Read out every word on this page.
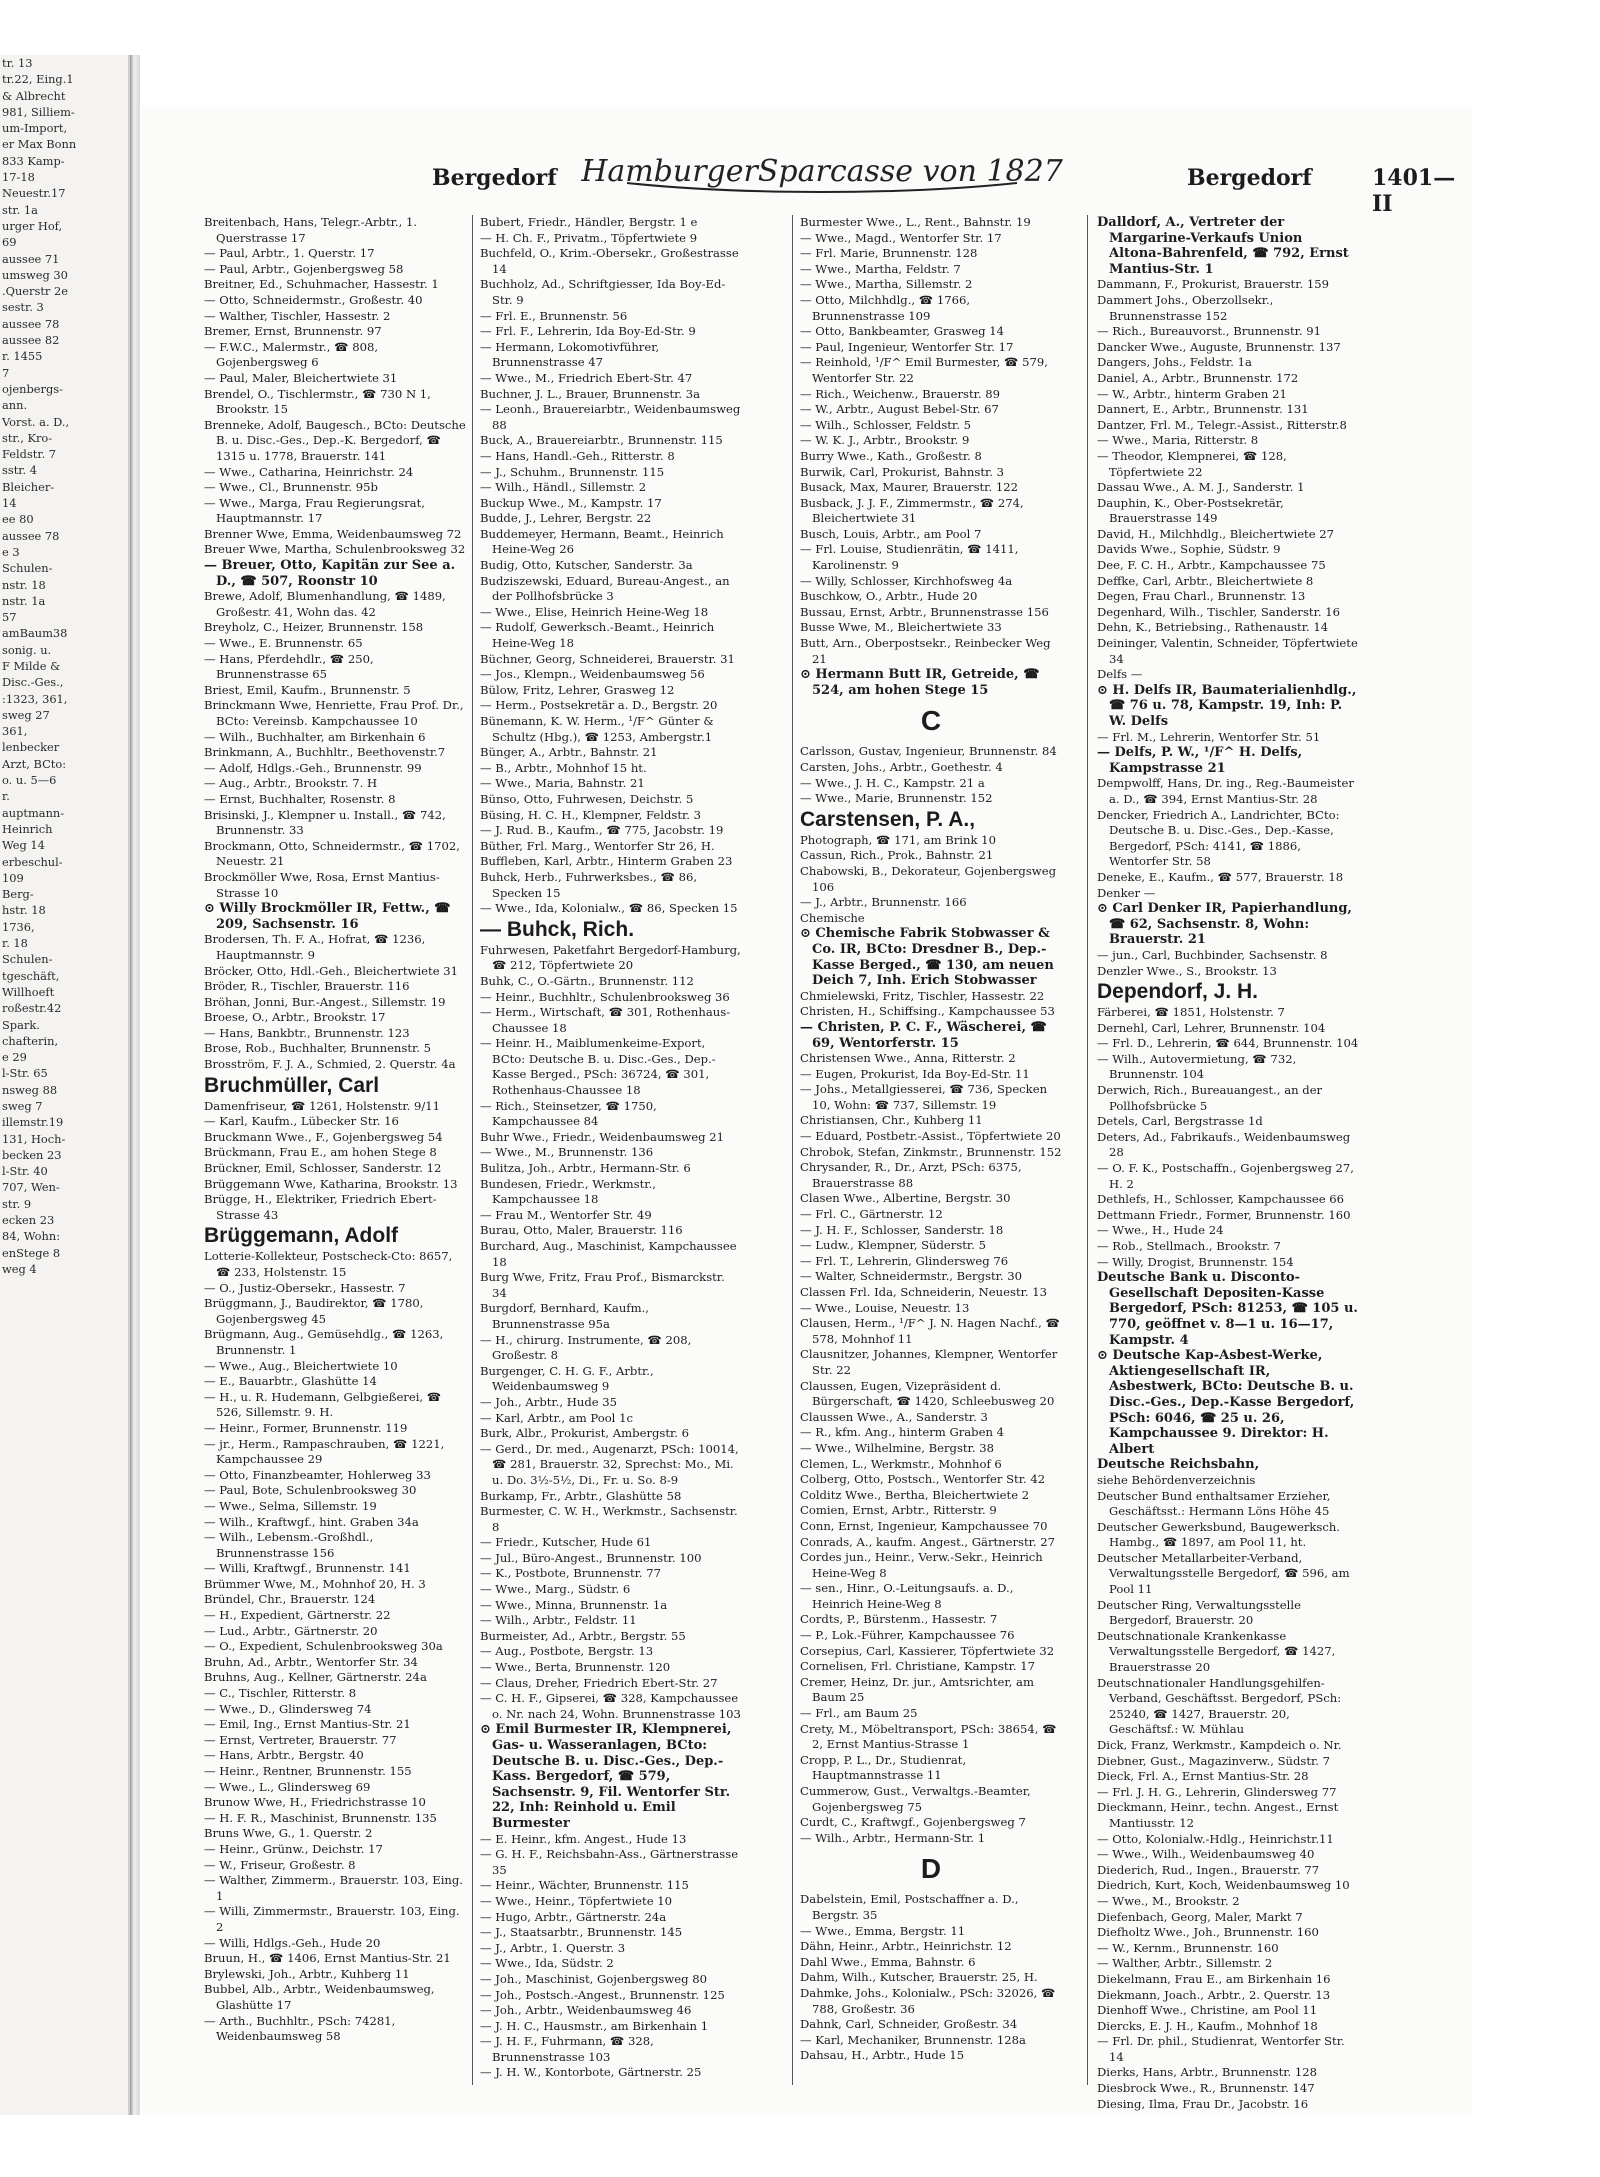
tr. 13
tr.22, Eing.1
& Albrecht
981, Silliem-
um-Import,
er Max Bonn
833 Kamp-
17-18
Neuestr.17
str. 1a
urger Hof,
69
aussee 71
umsweg 30
.Querstr 2e
sestr. 3
aussee 78
aussee 82
r. 1455
7
ojenbergs-
ann.
Vorst. a. D.,
str., Kro-
Feldstr. 7
sstr. 4
Bleicher-
14
ee 80
aussee 78
e 3
Schulen-
nstr. 18
nstr. 1a
57
amBaum38
sonig. u.
F Milde &
Disc.-Ges.,
:1323, 361,
sweg 27
361,
lenbecker
Arzt, BCto:
o. u. 5—6
r.
auptmann-
Heinrich
Weg 14
erbeschul-
109
Berg-
hstr. 18
1736,
r. 18
Schulen-
tgeschäft,
Willhoeft
roßestr.42
Spark.
chafterin,
e 29
l-Str. 65
nsweg 88
sweg 7
illemstr.19
131, Hoch-
becken 23
l-Str. 40
707, Wen-
str. 9
ecken 23
84, Wohn:
enStege 8
weg 4
Bergedorf HamburgerSparcasse von 1827	Bergedorf	1401—II

Breitenbach, Hans, Telegr.-Arbtr., 1. Querstrasse 17

— Paul, Arbtr., 1. Querstr. 17

— Paul, Arbtr., Gojenbergsweg 58

Breitner, Ed., Schuhmacher, Hassestr. 1

— Otto, Schneidermstr., Großestr. 40

— Walther, Tischler, Hassestr. 2

Bremer, Ernst, Brunnenstr. 97

— F.W.C., Malermstr., ☎ 808, Gojenbergsweg 6

— Paul, Maler, Bleichertwiete 31

Brendel, O., Tischlermstr., ☎ 730 N 1, Brookstr. 15

Brenneke, Adolf, Baugesch., BCto: Deutsche B. u. Disc.-Ges., Dep.-K. Bergedorf, ☎ 1315 u. 1778, Brauerstr. 141

— Wwe., Catharina, Heinrichstr. 24

— Wwe., Cl., Brunnenstr. 95b

— Wwe., Marga, Frau Regierungsrat, Hauptmannstr. 17

Brenner Wwe, Emma, Weidenbaumsweg 72

Breuer Wwe, Martha, Schulenbrooksweg 32

— Breuer, Otto, Kapitän zur See a. D., ☎ 507, Roonstr 10

Brewe, Adolf, Blumenhandlung, ☎ 1489, Großestr. 41, Wohn das. 42

Breyholz, C., Heizer, Brunnenstr. 158

— Wwe., E. Brunnenstr. 65

— Hans, Pferdehdlr., ☎ 250, Brunnenstrasse 65

Briest, Emil, Kaufm., Brunnenstr. 5

Brinckmann Wwe, Henriette, Frau Prof. Dr., BCto: Vereinsb. Kampchaussee 10

— Wilh., Buchhalter, am Birkenhain 6

Brinkmann, A., Buchhltr., Beethovenstr.7

— Adolf, Hdlgs.-Geh., Brunnenstr. 99

— Aug., Arbtr., Brookstr. 7. H

— Ernst, Buchhalter, Rosenstr. 8

Brisinski, J., Klempner u. Install., ☎ 742, Brunnenstr. 33

Brockmann, Otto, Schneidermstr., ☎ 1702, Neuestr. 21

Brockmöller Wwe, Rosa, Ernst Mantius-Strasse 10

⊙ Willy Brockmöller IR, Fettw., ☎ 209, Sachsenstr. 16

Brodersen, Th. F. A., Hofrat, ☎ 1236, Hauptmannstr. 9

Bröcker, Otto, Hdl.-Geh., Bleichertwiete 31

Bröder, R., Tischler, Brauerstr. 116

Bröhan, Jonni, Bur.-Angest., Sillemstr. 19

Broese, O., Arbtr., Brookstr. 17

— Hans, Bankbtr., Brunnenstr. 123

Brose, Rob., Buchhalter, Brunnenstr. 5

Brosström, F. J. A., Schmied, 2. Querstr. 4a

Bruchmüller, Carl

Damenfriseur, ☎ 1261, Holstenstr. 9/11

— Karl, Kaufm., Lübecker Str. 16

Bruckmann Wwe., F., Gojenbergsweg 54

Brückmann, Frau E., am hohen Stege 8

Brückner, Emil, Schlosser, Sanderstr. 12

Brüggemann Wwe, Katharina, Brookstr. 13

Brügge, H., Elektriker, Friedrich Ebert-Strasse 43

Brüggemann, Adolf

Lotterie-Kollekteur, Postscheck-Cto: 8657, ☎ 233, Holstenstr. 15

— O., Justiz-Obersekr., Hassestr. 7

Brüggmann, J., Baudirektor, ☎ 1780, Gojenbergsweg 45

Brügmann, Aug., Gemüsehdlg., ☎ 1263, Brunnenstr. 1

— Wwe., Aug., Bleichertwiete 10

— E., Bauarbtr., Glashütte 14

— H., u. R. Hudemann, Gelbgießerei, ☎ 526, Sillemstr. 9. H.

— Heinr., Former, Brunnenstr. 119

— jr., Herm., Rampaschrauben, ☎ 1221, Kampchaussee 29

— Otto, Finanzbeamter, Hohlerweg 33

— Paul, Bote, Schulenbrooksweg 30

— Wwe., Selma, Sillemstr. 19

— Wilh., Kraftwgf., hint. Graben 34a

— Wilh., Lebensm.-Großhdl., Brunnenstrasse 156

— Willi, Kraftwgf., Brunnenstr. 141

Brümmer Wwe, M., Mohnhof 20, H. 3

Bründel, Chr., Brauerstr. 124

— H., Expedient, Gärtnerstr. 22

— Lud., Arbtr., Gärtnerstr. 20

— O., Expedient, Schulenbrooksweg 30a

Bruhn, Ad., Arbtr., Wentorfer Str. 34

Bruhns, Aug., Kellner, Gärtnerstr. 24a

— C., Tischler, Ritterstr. 8

— Wwe., D., Glindersweg 74

— Emil, Ing., Ernst Mantius-Str. 21

— Ernst, Vertreter, Brauerstr. 77

— Hans, Arbtr., Bergstr. 40

— Heinr., Rentner, Brunnenstr. 155

— Wwe., L., Glindersweg 69

Brunow Wwe, H., Friedrichstrasse 10

— H. F. R., Maschinist, Brunnenstr. 135

Bruns Wwe, G., 1. Querstr. 2

— Heinr., Grünw., Deichstr. 17

— W., Friseur, Großestr. 8

— Walther, Zimmerm., Brauerstr. 103, Eing. 1

— Willi, Zimmermstr., Brauerstr. 103, Eing. 2

— Willi, Hdlgs.-Geh., Hude 20

Bruun, H., ☎ 1406, Ernst Mantius-Str. 21

Brylewski, Joh., Arbtr., Kuhberg 11

Bubbel, Alb., Arbtr., Weidenbaumsweg, Glashütte 17

— Arth., Buchhltr., PSch: 74281, Weidenbaumsweg 58

Bubert, Friedr., Händler, Bergstr. 1 e

— H. Ch. F., Privatm., Töpfertwiete 9

Buchfeld, O., Krim.-Obersekr., Großestrasse 14

Buchholz, Ad., Schriftgiesser, Ida Boy-Ed-Str. 9

— Frl. E., Brunnenstr. 56

— Frl. F., Lehrerin, Ida Boy-Ed-Str. 9

— Hermann, Lokomotivführer, Brunnenstrasse 47

— Wwe., M., Friedrich Ebert-Str. 47

Buchner, J. L., Brauer, Brunnenstr. 3a

— Leonh., Brauereiarbtr., Weidenbaumsweg 88

Buck, A., Brauereiarbtr., Brunnenstr. 115

— Hans, Handl.-Geh., Ritterstr. 8

— J., Schuhm., Brunnenstr. 115

— Wilh., Händl., Sillemstr. 2

Buckup Wwe., M., Kampstr. 17

Budde, J., Lehrer, Bergstr. 22

Buddemeyer, Hermann, Beamt., Heinrich Heine-Weg 26

Budig, Otto, Kutscher, Sanderstr. 3a

Budziszewski, Eduard, Bureau-Angest., an der Pollhofsbrücke 3

— Wwe., Elise, Heinrich Heine-Weg 18

— Rudolf, Gewerksch.-Beamt., Heinrich Heine-Weg 18

Büchner, Georg, Schneiderei, Brauerstr. 31

— Jos., Klempn., Weidenbaumsweg 56

Bülow, Fritz, Lehrer, Grasweg 12

— Herm., Postsekretär a. D., Bergstr. 20

Bünemann, K. W. Herm., ¹/F^ Günter & Schultz (Hbg.), ☎ 1253, Ambergstr.1

Bünger, A., Arbtr., Bahnstr. 21

— B., Arbtr., Mohnhof 15 ht.

— Wwe., Maria, Bahnstr. 21

Bünso, Otto, Fuhrwesen, Deichstr. 5

Büsing, H. C. H., Klempner, Feldstr. 3

— J. Rud. B., Kaufm., ☎ 775, Jacobstr. 19

Büther, Frl. Marg., Wentorfer Str 26, H.

Buffleben, Karl, Arbtr., Hinterm Graben 23

Buhck, Herb., Fuhrwerksbes., ☎ 86, Specken 15

— Wwe., Ida, Kolonialw., ☎ 86, Specken 15

— Buhck, Rich.

Fuhrwesen, Paketfahrt Bergedorf-Hamburg, ☎ 212, Töpfertwiete 20

Buhk, C., O.-Gärtn., Brunnenstr. 112

— Heinr., Buchhltr., Schulenbrooksweg 36

— Herm., Wirtschaft, ☎ 301, Rothenhaus-Chaussee 18

— Heinr. H., Maiblumenkeime-Export, BCto: Deutsche B. u. Disc.-Ges., Dep.-Kasse Berged., PSch: 36724, ☎ 301, Rothenhaus-Chaussee 18

— Rich., Steinsetzer, ☎ 1750, Kampchaussee 84

Buhr Wwe., Friedr., Weidenbaumsweg 21

— Wwe., M., Brunnenstr. 136

Bulitza, Joh., Arbtr., Hermann-Str. 6

Bundesen, Friedr., Werkmstr., Kampchaussee 18

— Frau M., Wentorfer Str. 49

Burau, Otto, Maler, Brauerstr. 116

Burchard, Aug., Maschinist, Kampchaussee 18

Burg Wwe, Fritz, Frau Prof., Bismarckstr. 34

Burgdorf, Bernhard, Kaufm., Brunnenstrasse 95a

— H., chirurg. Instrumente, ☎ 208, Großestr. 8

Burgenger, C. H. G. F., Arbtr., Weidenbaumsweg 9

— Joh., Arbtr., Hude 35

— Karl, Arbtr., am Pool 1c

Burk, Albr., Prokurist, Ambergstr. 6

— Gerd., Dr. med., Augenarzt, PSch: 10014, ☎ 281, Brauerstr. 32, Sprechst: Mo., Mi. u. Do. 3½-5½, Di., Fr. u. So. 8-9

Burkamp, Fr., Arbtr., Glashütte 58

Burmester, C. W. H., Werkmstr., Sachsenstr. 8

— Friedr., Kutscher, Hude 61

— Jul., Büro-Angest., Brunnenstr. 100

— K., Postbote, Brunnenstr. 77

— Wwe., Marg., Südstr. 6

— Wwe., Minna, Brunnenstr. 1a

— Wilh., Arbtr., Feldstr. 11

Burmeister, Ad., Arbtr., Bergstr. 55

— Aug., Postbote, Bergstr. 13

— Wwe., Berta, Brunnenstr. 120

— Claus, Dreher, Friedrich Ebert-Str. 27

— C. H. F., Gipserei, ☎ 328, Kampchaussee o. Nr. nach 24, Wohn. Brunnenstrasse 103

⊙ Emil Burmester IR, Klempnerei, Gas- u. Wasseranlagen, BCto: Deutsche B. u. Disc.-Ges., Dep.-Kass. Bergedorf, ☎ 579, Sachsenstr. 9, Fil. Wentorfer Str. 22, Inh: Reinhold u. Emil Burmester

— E. Heinr., kfm. Angest., Hude 13

— G. H. F., Reichsbahn-Ass., Gärtnerstrasse 35

— Heinr., Wächter, Brunnenstr. 115

— Wwe., Heinr., Töpfertwiete 10

— Hugo, Arbtr., Gärtnerstr. 24a

— J., Staatsarbtr., Brunnenstr. 145

— J., Arbtr., 1. Querstr. 3

— Wwe., Ida, Südstr. 2

— Joh., Maschinist, Gojenbergsweg 80

— Joh., Postsch.-Angest., Brunnenstr. 125

— Joh., Arbtr., Weidenbaumsweg 46

— J. H. C., Hausmstr., am Birkenhain 1

— J. H. F., Fuhrmann, ☎ 328, Brunnenstrasse 103

— J. H. W., Kontorbote, Gärtnerstr. 25

Burmester Wwe., L., Rent., Bahnstr. 19

— Wwe., Magd., Wentorfer Str. 17

— Frl. Marie, Brunnenstr. 128

— Wwe., Martha, Feldstr. 7

— Wwe., Martha, Sillemstr. 2

— Otto, Milchhdlg., ☎ 1766, Brunnenstrasse 109

— Otto, Bankbeamter, Grasweg 14

— Paul, Ingenieur, Wentorfer Str. 17

— Reinhold, ¹/F^ Emil Burmester, ☎ 579, Wentorfer Str. 22

— Rich., Weichenw., Brauerstr. 89

— W., Arbtr., August Bebel-Str. 67

— Wilh., Schlosser, Feldstr. 5

— W. K. J., Arbtr., Brookstr. 9

Burry Wwe., Kath., Großestr. 8

Burwik, Carl, Prokurist, Bahnstr. 3

Busack, Max, Maurer, Brauerstr. 122

Busback, J. J. F., Zimmermstr., ☎ 274, Bleichertwiete 31

Busch, Louis, Arbtr., am Pool 7

— Frl. Louise, Studienrätin, ☎ 1411, Karolinenstr. 9

— Willy, Schlosser, Kirchhofsweg 4a

Buschkow, O., Arbtr., Hude 20

Bussau, Ernst, Arbtr., Brunnenstrasse 156

Busse Wwe, M., Bleichertwiete 33

Butt, Arn., Oberpostsekr., Reinbecker Weg 21

⊙ Hermann Butt IR, Getreide, ☎ 524, am hohen Stege 15

C

Carlsson, Gustav, Ingenieur, Brunnenstr. 84

Carsten, Johs., Arbtr., Goethestr. 4

— Wwe., J. H. C., Kampstr. 21 a

— Wwe., Marie, Brunnenstr. 152

Carstensen, P. A.,

Photograph, ☎ 171, am Brink 10

Cassun, Rich., Prok., Bahnstr. 21

Chabowski, B., Dekorateur, Gojenbergsweg 106

— J., Arbtr., Brunnenstr. 166

Chemische

⊙ Chemische Fabrik Stobwasser & Co. IR, BCto: Dresdner B., Dep.-Kasse Berged., ☎ 130, am neuen Deich 7, Inh. Erich Stobwasser

Chmielewski, Fritz, Tischler, Hassestr. 22

Christen, H., Schiffsing., Kampchaussee 53

— Christen, P. C. F., Wäscherei, ☎ 69, Wentorferstr. 15

Christensen Wwe., Anna, Ritterstr. 2

— Eugen, Prokurist, Ida Boy-Ed-Str. 11

— Johs., Metallgiesserei, ☎ 736, Specken 10, Wohn: ☎ 737, Sillemstr. 19

Christiansen, Chr., Kuhberg 11

— Eduard, Postbetr.-Assist., Töpfertwiete 20

Chrobok, Stefan, Zinkmstr., Brunnenstr. 152

Chrysander, R., Dr., Arzt, PSch: 6375, Brauerstrasse 88

Clasen Wwe., Albertine, Bergstr. 30

— Frl. C., Gärtnerstr. 12

— J. H. F., Schlosser, Sanderstr. 18

— Ludw., Klempner, Süderstr. 5

— Frl. T., Lehrerin, Glindersweg 76

— Walter, Schneidermstr., Bergstr. 30

Classen Frl. Ida, Schneiderin, Neuestr. 13

— Wwe., Louise, Neuestr. 13

Clausen, Herm., ¹/F^ J. N. Hagen Nachf., ☎ 578, Mohnhof 11

Clausnitzer, Johannes, Klempner, Wentorfer Str. 22

Claussen, Eugen, Vizepräsident d. Bürgerschaft, ☎ 1420, Schleebusweg 20

Claussen Wwe., A., Sanderstr. 3

— R., kfm. Ang., hinterm Graben 4

— Wwe., Wilhelmine, Bergstr. 38

Clemen, L., Werkmstr., Mohnhof 6

Colberg, Otto, Postsch., Wentorfer Str. 42

Colditz Wwe., Bertha, Bleichertwiete 2

Comien, Ernst, Arbtr., Ritterstr. 9

Conn, Ernst, Ingenieur, Kampchaussee 70

Conrads, A., kaufm. Angest., Gärtnerstr. 27

Cordes jun., Heinr., Verw.-Sekr., Heinrich Heine-Weg 8

— sen., Hinr., O.-Leitungsaufs. a. D., Heinrich Heine-Weg 8

Cordts, P., Bürstenm., Hassestr. 7

— P., Lok.-Führer, Kampchaussee 76

Corsepius, Carl, Kassierer, Töpfertwiete 32

Cornelisen, Frl. Christiane, Kampstr. 17

Cremer, Heinz, Dr. jur., Amtsrichter, am Baum 25

— Frl., am Baum 25

Crety, M., Möbeltransport, PSch: 38654, ☎ 2, Ernst Mantius-Strasse 1

Cropp, P. L., Dr., Studienrat, Hauptmannstrasse 11

Cummerow, Gust., Verwaltgs.-Beamter, Gojenbergsweg 75

Curdt, C., Kraftwgf., Gojenbergsweg 7

— Wilh., Arbtr., Hermann-Str. 1

D

Dabelstein, Emil, Postschaffner a. D., Bergstr. 35

— Wwe., Emma, Bergstr. 11

Dähn, Heinr., Arbtr., Heinrichstr. 12

Dahl Wwe., Emma, Bahnstr. 6

Dahm, Wilh., Kutscher, Brauerstr. 25, H.

Dahmke, Johs., Kolonialw., PSch: 32026, ☎ 788, Großestr. 36

Dahnk, Carl, Schneider, Großestr. 34

— Karl, Mechaniker, Brunnenstr. 128a

Dahsau, H., Arbtr., Hude 15

Dalldorf, A., Vertreter der Margarine-Verkaufs Union Altona-Bahrenfeld, ☎ 792, Ernst Mantius-Str. 1

Dammann, F., Prokurist, Brauerstr. 159

Dammert Johs., Oberzollsekr., Brunnenstrasse 152

— Rich., Bureauvorst., Brunnenstr. 91

Dancker Wwe., Auguste, Brunnenstr. 137

Dangers, Johs., Feldstr. 1a

Daniel, A., Arbtr., Brunnenstr. 172

— W., Arbtr., hinterm Graben 21

Dannert, E., Arbtr., Brunnenstr. 131

Dantzer, Frl. M., Telegr.-Assist., Ritterstr.8

— Wwe., Maria, Ritterstr. 8

— Theodor, Klempnerei, ☎ 128, Töpfertwiete 22

Dassau Wwe., A. M. J., Sanderstr. 1

Dauphin, K., Ober-Postsekretär, Brauerstrasse 149

David, H., Milchhdlg., Bleichertwiete 27

Davids Wwe., Sophie, Südstr. 9

Dee, F. C. H., Arbtr., Kampchaussee 75

Deffke, Carl, Arbtr., Bleichertwiete 8

Degen, Frau Charl., Brunnenstr. 13

Degenhard, Wilh., Tischler, Sanderstr. 16

Dehn, K., Betriebsing., Rathenaustr. 14

Deininger, Valentin, Schneider, Töpfertwiete 34

Delfs —

⊙ H. Delfs IR, Baumaterialienhdlg., ☎ 76 u. 78, Kampstr. 19, Inh: P. W. Delfs

— Frl. M., Lehrerin, Wentorfer Str. 51

— Delfs, P. W., ¹/F^ H. Delfs, Kampstrasse 21

Dempwolff, Hans, Dr. ing., Reg.-Baumeister a. D., ☎ 394, Ernst Mantius-Str. 28

Dencker, Friedrich A., Landrichter, BCto: Deutsche B. u. Disc.-Ges., Dep.-Kasse, Bergedorf, PSch: 4141, ☎ 1886, Wentorfer Str. 58

Deneke, E., Kaufm., ☎ 577, Brauerstr. 18

Denker —

⊙ Carl Denker IR, Papierhandlung, ☎ 62, Sachsenstr. 8, Wohn: Brauerstr. 21

— jun., Carl, Buchbinder, Sachsenstr. 8

Denzler Wwe., S., Brookstr. 13

Dependorf, J. H.

Färberei, ☎ 1851, Holstenstr. 7

Dernehl, Carl, Lehrer, Brunnenstr. 104

— Frl. D., Lehrerin, ☎ 644, Brunnenstr. 104

— Wilh., Autovermietung, ☎ 732, Brunnenstr. 104

Derwich, Rich., Bureauangest., an der Pollhofsbrücke 5

Detels, Carl, Bergstrasse 1d

Deters, Ad., Fabrikaufs., Weidenbaumsweg 28

— O. F. K., Postschaffn., Gojenbergsweg 27, H. 2

Dethlefs, H., Schlosser, Kampchaussee 66

Dettmann Friedr., Former, Brunnenstr. 160

— Wwe., H., Hude 24

— Rob., Stellmach., Brookstr. 7

— Willy, Drogist, Brunnenstr. 154

Deutsche Bank u. Disconto-Gesellschaft Depositen-Kasse Bergedorf, PSch: 81253, ☎ 105 u. 770, geöffnet v. 8—1 u. 16—17, Kampstr. 4

⊙ Deutsche Kap-Asbest-Werke, Aktiengesellschaft IR, Asbestwerk, BCto: Deutsche B. u. Disc.-Ges., Dep.-Kasse Bergedorf, PSch: 6046, ☎ 25 u. 26, Kampchaussee 9. Direktor: H. Albert

Deutsche Reichsbahn,

siehe Behördenverzeichnis

Deutscher Bund enthaltsamer Erzieher, Geschäftsst.: Hermann Löns Höhe 45

Deutscher Gewerksbund, Baugewerksch. Hambg., ☎ 1897, am Pool 11, ht.

Deutscher Metallarbeiter-Verband, Verwaltungsstelle Bergedorf, ☎ 596, am Pool 11

Deutscher Ring, Verwaltungsstelle Bergedorf, Brauerstr. 20

Deutschnationale Krankenkasse Verwaltungsstelle Bergedorf, ☎ 1427, Brauerstrasse 20

Deutschnationaler Handlungsgehilfen-Verband, Geschäftsst. Bergedorf, PSch: 25240, ☎ 1427, Brauerstr. 20, Geschäftsf.: W. Mühlau

Dick, Franz, Werkmstr., Kampdeich o. Nr.

Diebner, Gust., Magazinverw., Südstr. 7

Dieck, Frl. A., Ernst Mantius-Str. 28

— Frl. J. H. G., Lehrerin, Glindersweg 77

Dieckmann, Heinr., techn. Angest., Ernst Mantiusstr. 12

— Otto, Kolonialw.-Hdlg., Heinrichstr.11

— Wwe., Wilh., Weidenbaumsweg 40

Diederich, Rud., Ingen., Brauerstr. 77

Diedrich, Kurt, Koch, Weidenbaumsweg 10

— Wwe., M., Brookstr. 2

Diefenbach, Georg, Maler, Markt 7

Diefholtz Wwe., Joh., Brunnenstr. 160

— W., Kernm., Brunnenstr. 160

— Walther, Arbtr., Sillemstr. 2

Diekelmann, Frau E., am Birkenhain 16

Diekmann, Joach., Arbtr., 2. Querstr. 13

Dienhoff Wwe., Christine, am Pool 11

Diercks, E. J. H., Kaufm., Mohnhof 18

— Frl. Dr. phil., Studienrat, Wentorfer Str. 14

Dierks, Hans, Arbtr., Brunnenstr. 128

Diesbrock Wwe., R., Brunnenstr. 147

Diesing, Ilma, Frau Dr., Jacobstr. 16
